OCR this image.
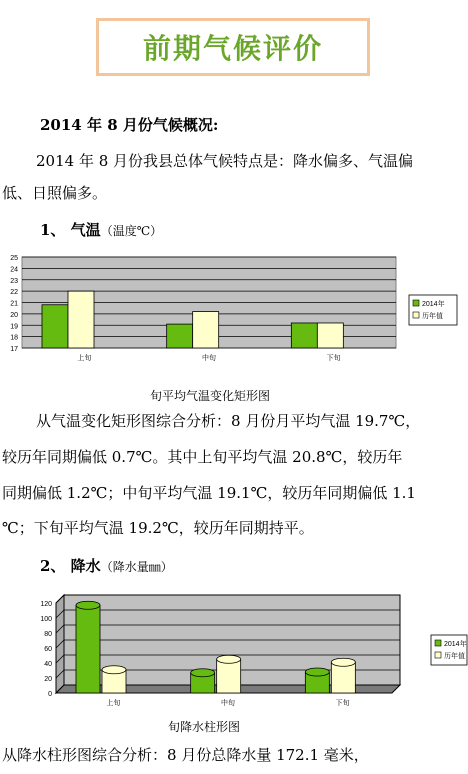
前期气候评价
2014 年 8 月份气候概况:
2014 年 8 月份我县总体气候特点是：降水偏多、气温偏
低、日照偏多。
1、 气温（温度℃）
17
18
19
20
21
22
23
24
25
上旬	中旬	下旬
2014年
历年值
旬平均气温变化矩形图
从气温变化矩形图综合分析：8 月份月平均气温 19.7℃，
较历年同期偏低 0.7℃。其中上旬平均气温 20.8℃，较历年
同期偏低 1.2℃；中旬平均气温 19.1℃，较历年同期偏低 1.1
℃；下旬平均气温 19.2℃，较历年同期持平。
2、 降水（降水量㎜）
0
20
40
60
80
100
120
上旬	中旬	下旬
2014年
历年值
旬降水柱形图
从降水柱形图综合分析：8 月份总降水量 172.1 毫米，
